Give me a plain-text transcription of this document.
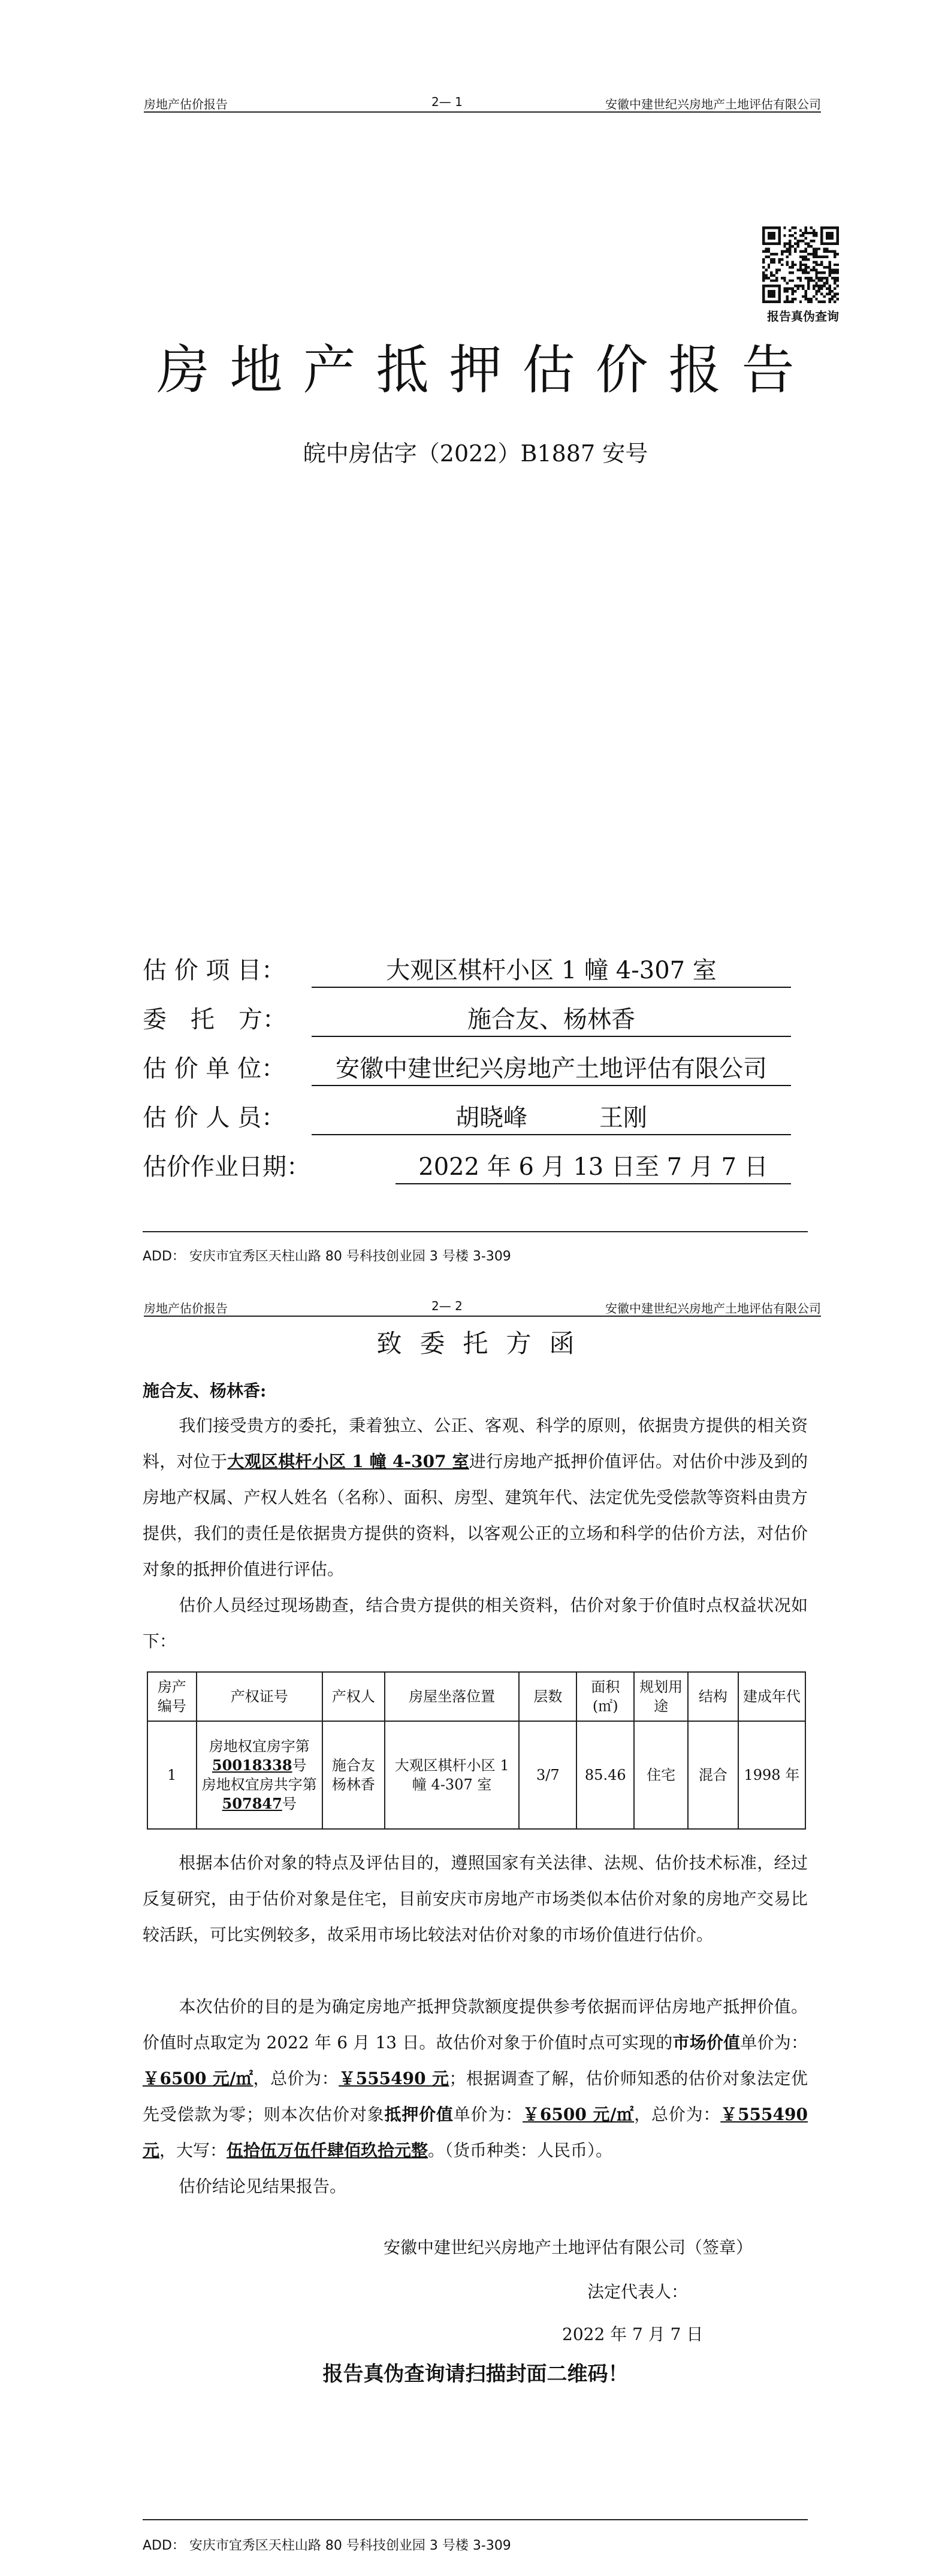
房地产估价报告	2— 1	安徽中建世纪兴房地产土地评估有限公司
报告真伪查询
房地产抵押估价报告
皖中房估字（2022）B1887 安号
估 价 项 目：	大观区棋杆小区 1 幢 4-307 室
委　托　方：	施合友、杨林香
估 价 单 位：	安徽中建世纪兴房地产土地评估有限公司
估 价 人 员：	胡晓峰　　　王刚
估价作业日期：	2022 年 6 月 13 日至 7 月 7 日
ADD： 安庆市宜秀区天柱山路 80 号科技创业园 3 号楼 3-309
房地产估价报告	2— 2	安徽中建世纪兴房地产土地评估有限公司
致委托方函
施合友、杨林香:
我们接受贵方的委托，秉着独立、公正、客观、科学的原则，依据贵方提供的相关资料，对位于大观区棋杆小区 1 幢 4-307 室进行房地产抵押价值评估。对估价中涉及到的房地产权属、产权人姓名（名称）、面积、房型、建筑年代、法定优先受偿款等资料由贵方提供，我们的责任是依据贵方提供的资料，以客观公正的立场和科学的估价方法，对估价对象的抵押价值进行评估。
估价人员经过现场勘查，结合贵方提供的相关资料，估价对象于价值时点权益状况如下：
房产编号	产权证号	产权人	房屋坐落位置	层数	面积(㎡)	规划用途	结构	建成年代
1	房地权宜房字第
50018338号
房地权宜房共字第
507847号	施合友杨林香	大观区棋杆小区 1 幢 4-307 室	3/7	85.46	住宅	混合	1998 年
根据本估价对象的特点及评估目的，遵照国家有关法律、法规、估价技术标准，经过反复研究，由于估价对象是住宅，目前安庆市房地产市场类似本估价对象的房地产交易比较活跃，可比实例较多，故采用市场比较法对估价对象的市场价值进行估价。
本次估价的目的是为确定房地产抵押贷款额度提供参考依据而评估房地产抵押价值。价值时点取定为 2022 年 6 月 13 日。故估价对象于价值时点可实现的市场价值单价为：￥6500 元/㎡，总价为：￥555490 元；根据调查了解，估价师知悉的估价对象法定优先受偿款为零；则本次估价对象抵押价值单价为：￥6500 元/㎡，总价为：￥555490 元，大写：伍拾伍万伍仟肆佰玖拾元整。（货币种类：人民币）。
估价结论见结果报告。
安徽中建世纪兴房地产土地评估有限公司（签章）
法定代表人：
2022 年 7 月 7 日
报告真伪查询请扫描封面二维码！
ADD： 安庆市宜秀区天柱山路 80 号科技创业园 3 号楼 3-309
